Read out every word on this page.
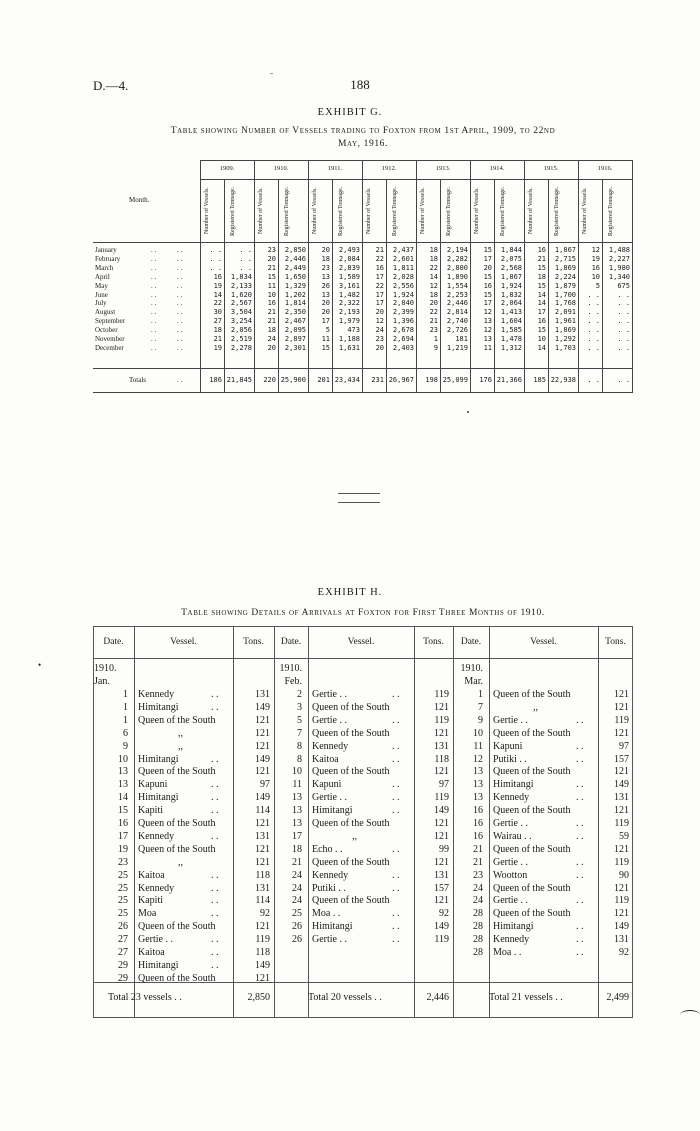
D.—4.
-
188
EXHIBIT G.
Table showing Number of Vessels trading to Foxton from 1st April, 1909, to 22nd
May, 1916.
Month.
1909.
Number of Vessels.	Registered Tonnage.
1910.
Number of Vessels.	Registered Tonnage.
1911.
Number of Vessels.	Registered Tonnage.
1912.
Number of Vessels.	Registered Tonnage.
1913.
Number of Vessels.	Registered Tonnage.
1914.
Number of Vessels.	Registered Tonnage.
1915.
Number of Vessels.	Registered Tonnage.
1916.
Number of Vessels.	Registered Tonnage.
January	. .	. .	. .	. .	23	2,850	20	2,493	21	2,437	18	2,194	15	1,844	16	1,867	12	1,488
February	. .	. .	. .	. .	20	2,446	18	2,084	22	2,601	18	2,282	17	2,075	21	2,715	19	2,227
March	. .	. .	. .	. .	21	2,449	23	2,839	16	1,811	22	2,800	20	2,568	15	1,869	16	1,980
April	. .	. .	16	1,834	15	1,650	13	1,589	17	2,028	14	1,890	15	1,867	18	2,224	10	1,340
May	. .	. .	19	2,133	11	1,329	26	3,161	22	2,556	12	1,554	16	1,924	15	1,879	5	675
June	. .	. .	14	1,620	10	1,202	13	1,482	17	1,924	18	2,253	15	1,832	14	1,700	. .	. .
July	. .	. .	22	2,567	16	1,814	20	2,322	17	2,040	20	2,446	17	2,064	14	1,768	. .	. .
August	. .	. .	30	3,504	21	2,350	20	2,193	20	2,399	22	2,814	12	1,413	17	2,091	. .	. .
September	. .	. .	27	3,254	21	2,467	17	1,979	12	1,396	21	2,740	13	1,604	16	1,961	. .	. .
October	. .	. .	18	2,056	18	2,095	5	473	24	2,678	23	2,726	12	1,585	15	1,869	. .	. .
November	. .	. .	21	2,519	24	2,897	11	1,188	23	2,694	1	181	13	1,478	10	1,292	. .	. .
December	. .	. .	19	2,278	20	2,301	15	1,631	20	2,403	9	1,219	11	1,312	14	1,703	. .	. .
Totals	. .	186 21,845	220 25,900	201 23,434	231 26,967	198 25,099	176 21,366	185 22,938	. .	. .
EXHIBIT H.
Table showing Details of Arrivals at Foxton for First Three Months of 1910.
Date.	Vessel.	Tons.
1910.
Jan.
1 Kennedy	. .	131
1 Himitangi	. .	149
1 Queen of the South	121
6	,,	121
9	,,	121
10 Himitangi	. .	149
13 Queen of the South	121
13 Kapuni	. .	97
14 Himitangi	. .	149
15 Kapiti	. .	114
16 Queen of the South	121
17 Kennedy	. .	131
19 Queen of the South	121
23	,,	121
25 Kaitoa	. .	118
25 Kennedy	. .	131
25 Kapiti	. .	114
25 Moa	. .	92
26 Queen of the South	121
27 Gertie . .	. .	119
27 Kaitoa	. .	118
29 Himitangi	. .	149
29 Queen of the South	121
Total 23 vessels . .	2,850
Date.	Vessel.	Tons.
1910.
Feb.
2 Gertie . .	. .	119
3 Queen of the South	121
5 Gertie . .	. .	119
7 Queen of the South	121
8 Kennedy	. .	131
8 Kaitoa	. .	118
10 Queen of the South	121
11 Kapuni	. .	97
13 Gertie . .	. .	119
13 Himitangi	. .	149
13 Queen of the South	121
17	,,	121
18 Echo . .	. .	99
21 Queen of the South	121
24 Kennedy	. .	131
24 Putiki . .	. .	157
24 Queen of the South	121
25 Moa . .	. .	92
26 Himitangi	. .	149
26 Gertie . .	. .	119
Total 20 vessels . .	2,446
Date.	Vessel.	Tons.
1910.
Mar.
1 Queen of the South	121
7	,,	121
9 Gertie . .	. .	119
10 Queen of the South	121
11 Kapuni	. .	97
12 Putiki . .	. .	157
13 Queen of the South	121
13 Himitangi	. .	149
13 Kennedy	. .	131
16 Queen of the South	121
16 Gertie . .	. .	119
16 Wairau . .	. .	59
21 Queen of the South	121
21 Gertie . .	. .	119
23 Wootton	. .	90
24 Queen of the South	121
24 Gertie . .	. .	119
28 Queen of the South	121
28 Himitangi	. .	149
28 Kennedy	. .	131
28 Moa . .	. .	92
Total 21 vessels . .	2,499
•
